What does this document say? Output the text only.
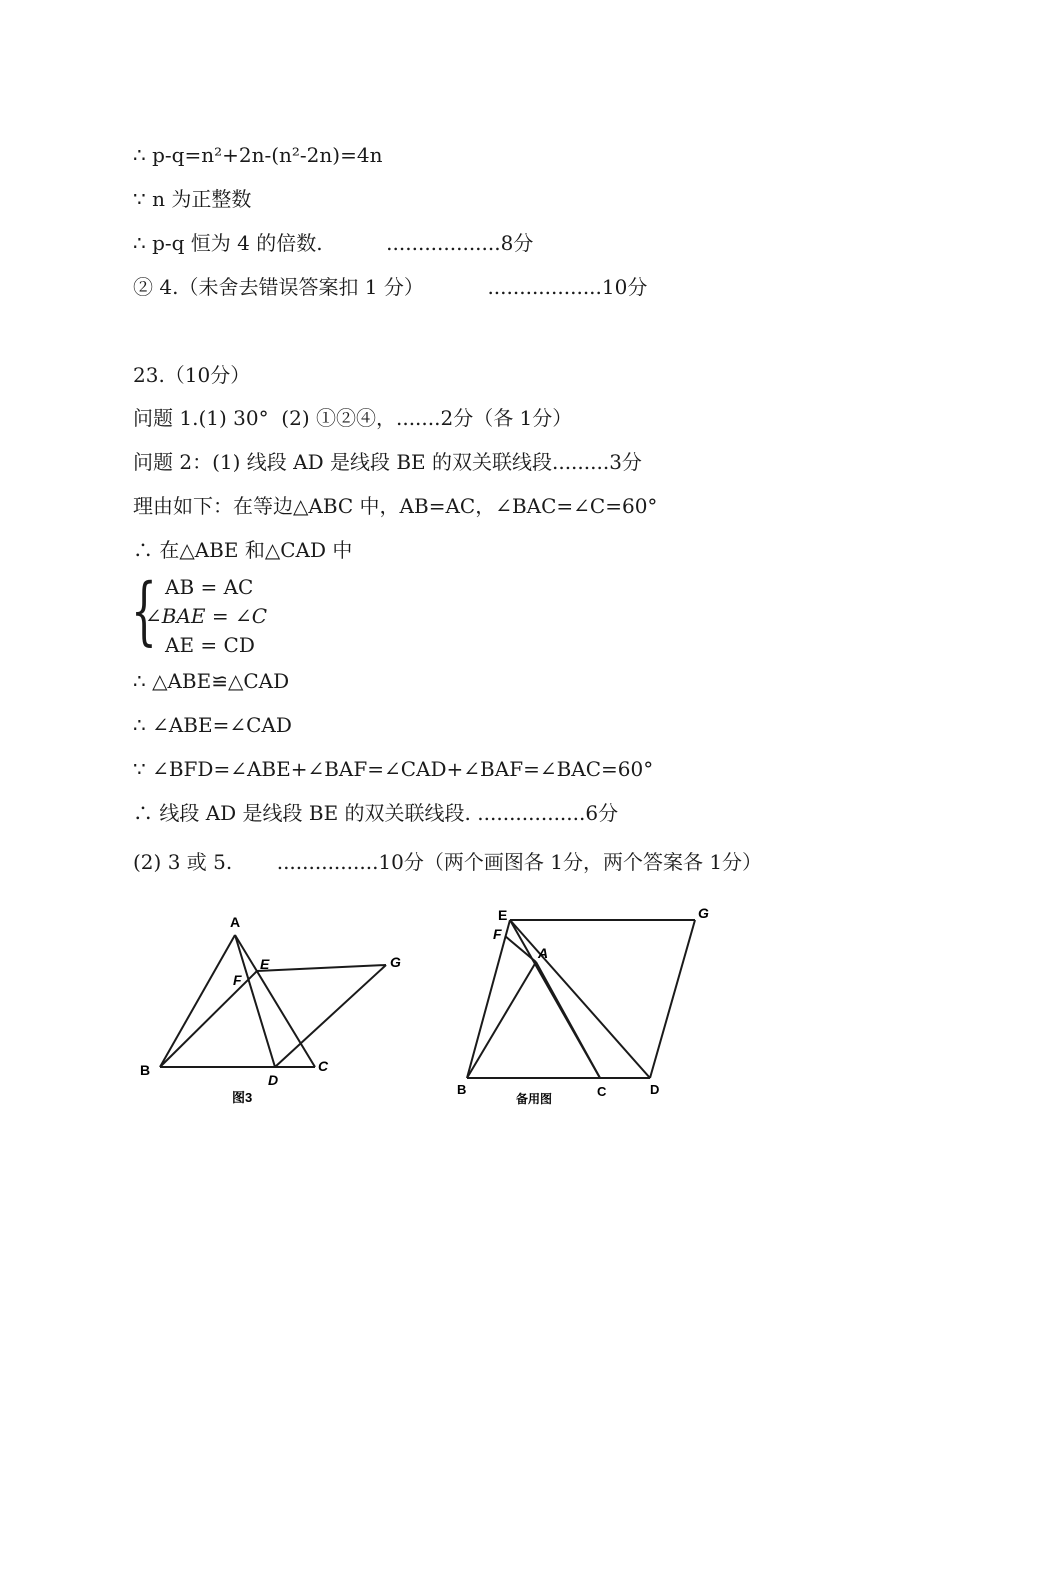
∴ p-q=n²+2n-(n²-2n)=4n
∵ n 为正整数
∴ p-q 恒为 4 的倍数.          ..................8分
② 4.（未舍去错误答案扣 1 分）          ..................10分
23.（10分）
问题 1.(1) 30°  (2) ①②④，.......2分（各 1分）
问题 2：(1) 线段 AD 是线段 BE 的双关联线段.........3分
理由如下：在等边△ABC 中，AB=AC，∠BAC=∠C=60°
∴ 在△ABE 和△CAD 中
{ AB = AC
∠BAE = ∠C
AE = CD
∴ △ABE≌△CAD
∴ ∠ABE=∠CAD
∵ ∠BFD=∠ABE+∠BAF=∠CAD+∠BAF=∠BAC=60°
∴ 线段 AD 是线段 BE 的双关联线段. .................6分
(2) 3 或 5.       ................10分（两个画图各 1分，两个答案各 1分）
A
B	C
D
E
F
G
图3
E
F
A
G
B	C	D
备用图
